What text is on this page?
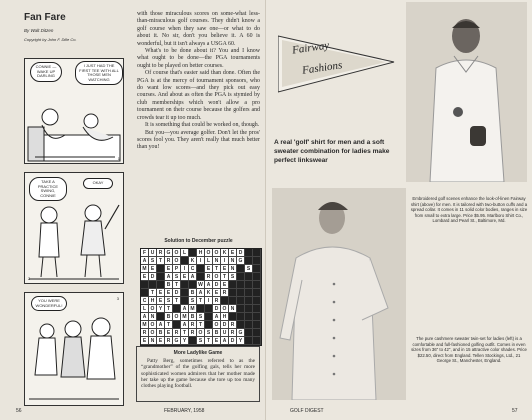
Fan Fare
By Walt Ditzen
Copyright by John F. Dille Co.
CONNIE — WAKE UP DARLING
I JUST HAD THE FIRST TEE WITH ALL THOSE MEN WATCHING
1
TAKE A PRACTICE SWING, CONNIE
OKAY
2
YOU WERE WONDERFUL!
3

with those miraculous scores on some-what less-than-miraculous golf courses. They didn't know a golf course when they saw one—or what to do about it. No sir, don't you believe it. A 60 is wonderful, but it isn't always a USGA 60.

What's to be done about it? You and I know what ought to be done—the PGA tournaments ought to be played on better courses.

Of course that's easier said than done. Often the PGA is at the mercy of tournament sponsors, who do want low scores—and they pick out easy courses. And about as often the PGA is stymied by club memberships which won't allow a pro tournament on their course because the golfers and crowds tear it up too much.

It is something that could be worked on, though.

But you—you average golfer. Don't let the pros' scores fool you. They aren't really that much better than you!

Solution to December puzzle
F U R G O L	H O O K E D
A S T R O	K	I	L N	I	N G
M E	E P	I	C	E T E N	S
E D	A S E A	R O T S
B T	W A D E
T E E D	B A K E R
C H E S T	S T	I	R
L O Y T	A M	D O N
A N	B O M B S	A H
M O A T	A R T	O D R
R O B E R T R O S B U R G
E N E R G Y	S T E A D Y
More Ladylike Game

Patty Berg, sometimes referred to as the “grandmother” of the golfing gals, tells her more sophisticated women admirers that her mother made her take up the game because she tore up too many clothes playing football.

56	FEBRUARY, 1958
Fairway
Fashions
A real 'golf' shirt for men and a soft sweater combination for ladies make perfect linkswear
Embroidered golf scenes enhance the look-of-linen Fairway shirt (above) for men. It is tailored with two-button cuffs and a spread collar. It comes in 11 solid color bodies, ranges in size from small to extra large. Price $5.95. Marlboro Shirt Co., Lombard and Pearl St., Baltimore, Md.
The pure cashmere sweater twin-set for ladies (left) is a comfortable and full-fashioned golfing outfit. Comes in even sizes from 36" to 42", and in 15 attractive color shades. Price $22.50, direct from England. Tellen Stockings, Ltd., 21 George St., Manchester, England.
GOLF DIGEST	57
